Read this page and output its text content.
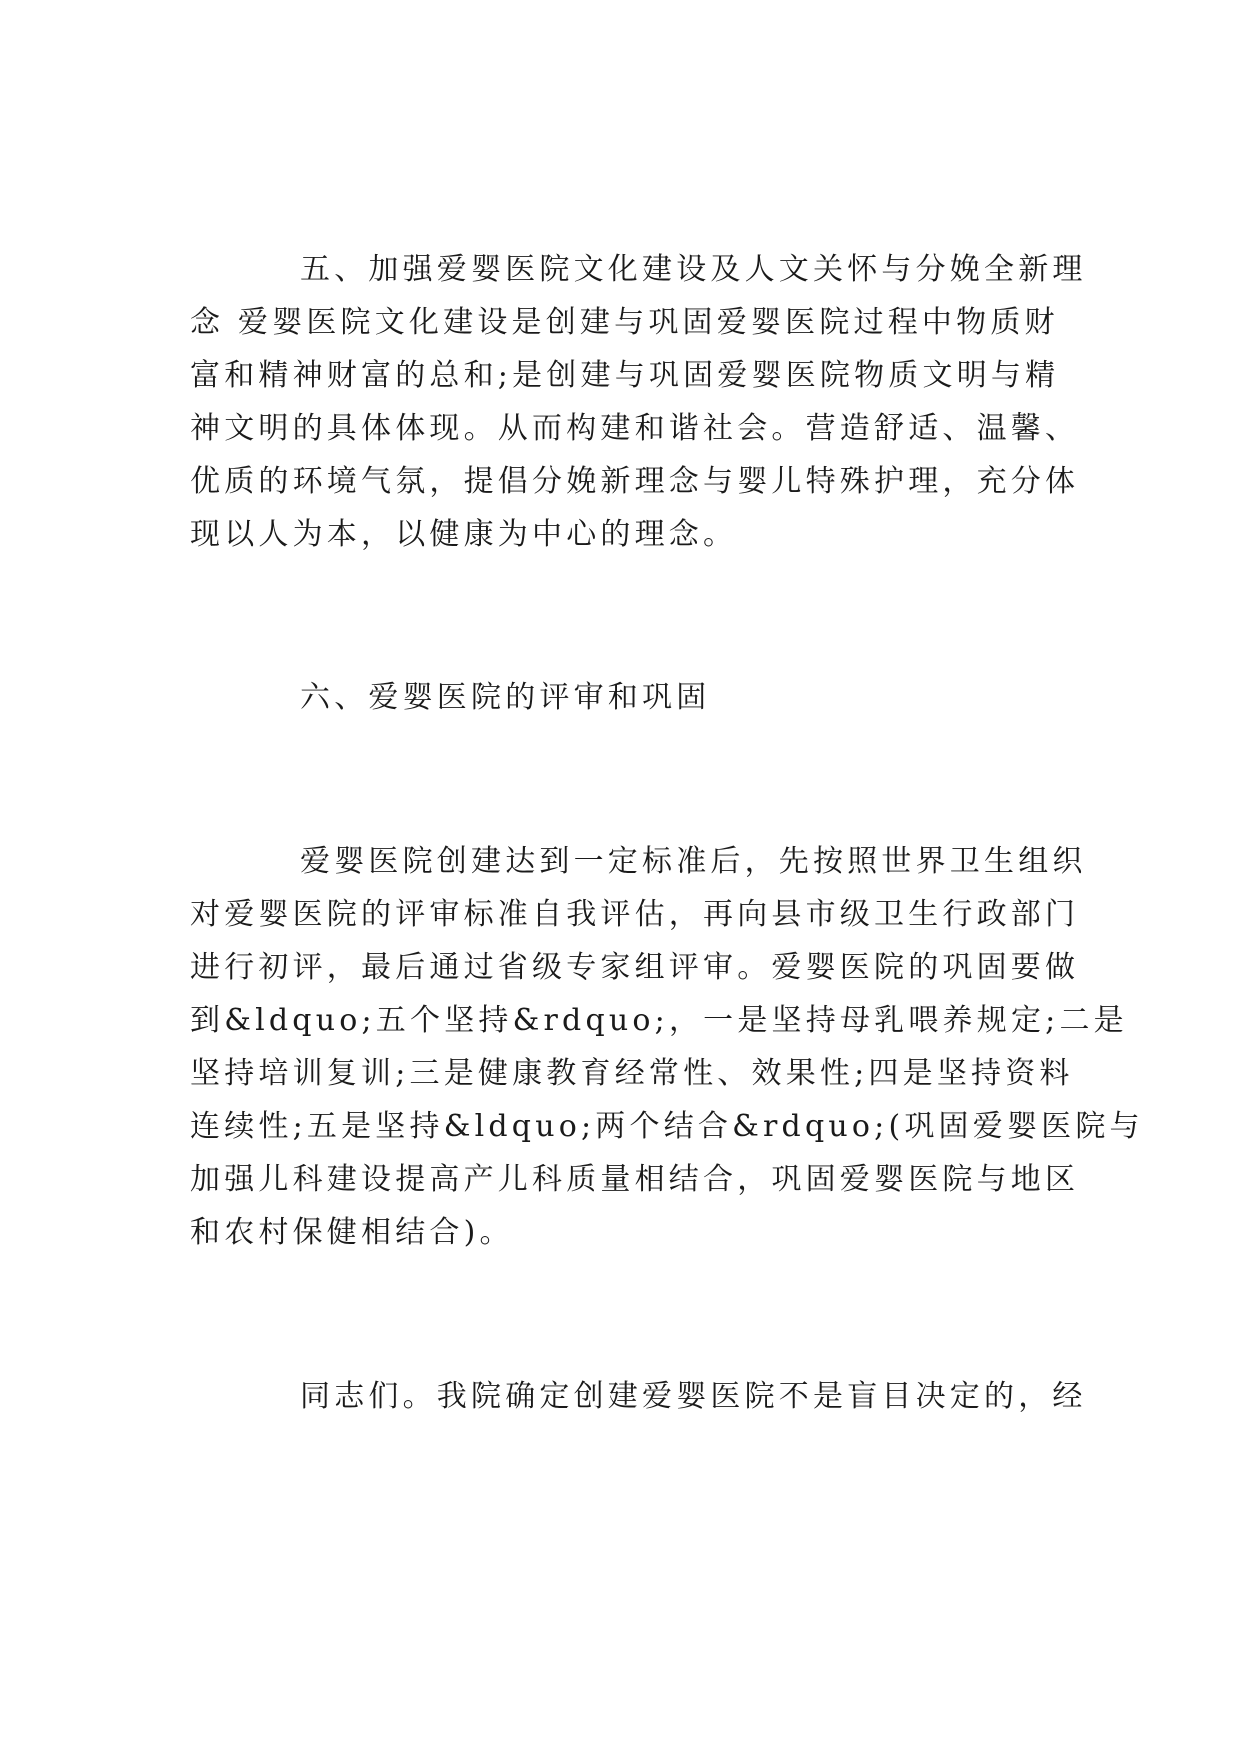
五、加强爱婴医院文化建设及人文关怀与分娩全新理
念 爱婴医院文化建设是创建与巩固爱婴医院过程中物质财
富和精神财富的总和;是创建与巩固爱婴医院物质文明与精
神文明的具体体现。从而构建和谐社会。营造舒适、温馨、
优质的环境气氛，提倡分娩新理念与婴儿特殊护理，充分体
现以人为本，以健康为中心的理念。
六、爱婴医院的评审和巩固
爱婴医院创建达到一定标准后，先按照世界卫生组织
对爱婴医院的评审标准自我评估，再向县市级卫生行政部门
进行初评，最后通过省级专家组评审。爱婴医院的巩固要做
到&ldquo;五个坚持&rdquo;，一是坚持母乳喂养规定;二是
坚持培训复训;三是健康教育经常性、效果性;四是坚持资料
连续性;五是坚持&ldquo;两个结合&rdquo;(巩固爱婴医院与
加强儿科建设提高产儿科质量相结合，巩固爱婴医院与地区
和农村保健相结合)。
同志们。我院确定创建爱婴医院不是盲目决定的，经
